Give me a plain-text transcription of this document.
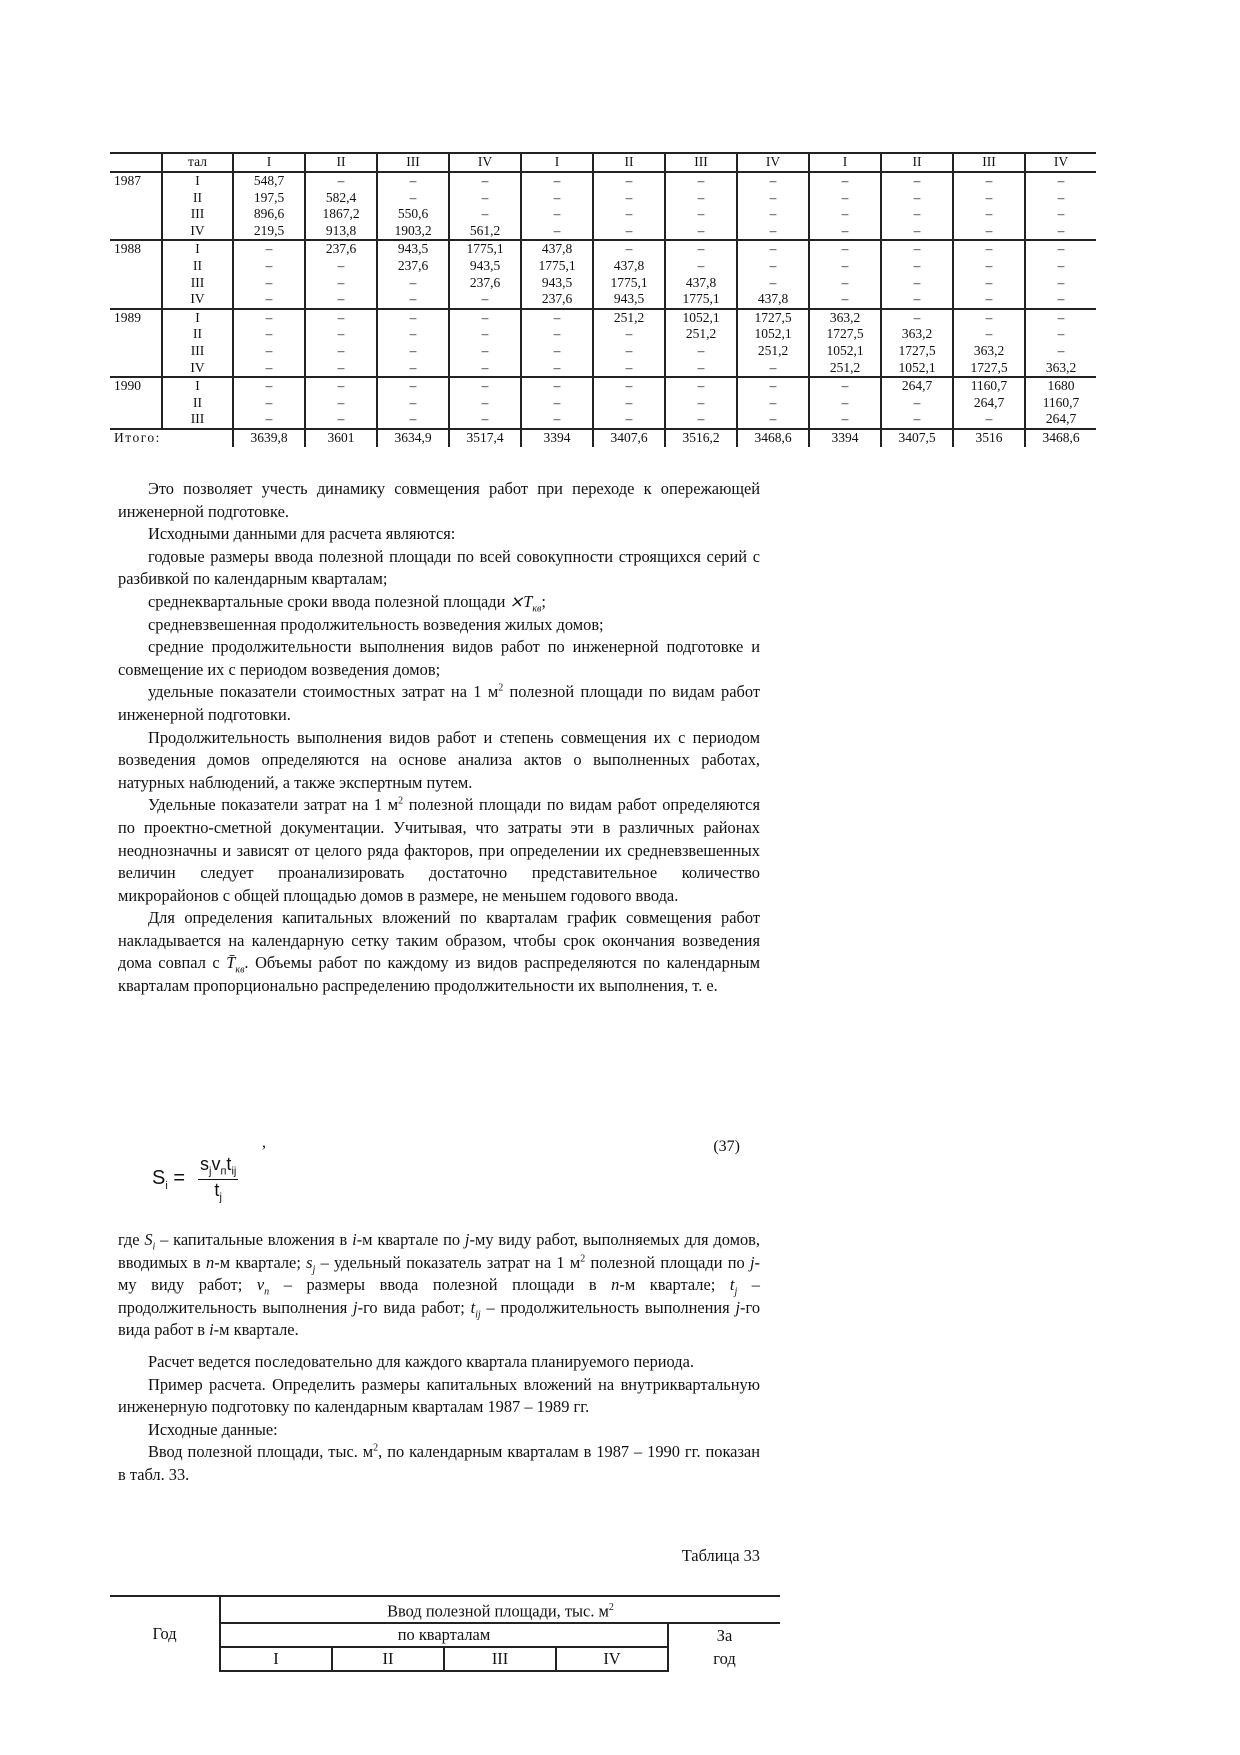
	тал	I	II	III	IV	I	II	III	IV	I	II	III	IV
1987	I	548,7	–	–	–	–	–	–	–	–	–	–	–
	II	197,5	582,4	–	–	–	–	–	–	–	–	–	–
	III	896,6	1867,2	550,6	–	–	–	–	–	–	–	–	–
	IV	219,5	913,8	1903,2	561,2	–	–	–	–	–	–	–	–
1988	I	–	237,6	943,5	1775,1	437,8	–	–	–	–	–	–	–
	II	–	–	237,6	943,5	1775,1	437,8	–	–	–	–	–	–
	III	–	–	–	237,6	943,5	1775,1	437,8	–	–	–	–	–
	IV	–	–	–	–	237,6	943,5	1775,1	437,8	–	–	–	–
1989	I	–	–	–	–	–	251,2	1052,1	1727,5	363,2	–	–	–
	II	–	–	–	–	–	–	251,2	1052,1	1727,5	363,2	–	–
	III	–	–	–	–	–	–	–	251,2	1052,1	1727,5	363,2	–
	IV	–	–	–	–	–	–	–	–	251,2	1052,1	1727,5	363,2
1990	I	–	–	–	–	–	–	–	–	–	264,7	1160,7	1680
	II	–	–	–	–	–	–	–	–	–	–	264,7	1160,7
	III	–	–	–	–	–	–	–	–	–	–	–	264,7
Итого:		3639,8	3601	3634,9	3517,4	3394	3407,6	3516,2	3468,6	3394	3407,5	3516	3468,6

Это позволяет учесть динамику совмещения работ при переходе к опережающей инженерной подготовке.

Исходными данными для расчета являются:

годовые размеры ввода полезной площади по всей совокупности строящихся серий с разбивкой по календарным кварталам;

среднеквартальные сроки ввода полезной площади $⨯T_{кв}$;

средневзвешенная продолжительность возведения жилых домов;

средние продолжительности выполнения видов работ по инженерной подготовке и совмещение их с периодом возведения домов;

удельные показатели стоимостных затрат на 1 $м^2$ полезной площади по видам работ инженерной подготовки.

Продолжительность выполнения видов работ и степень совмещения их с периодом возведения домов определяются на основе анализа актов о выполненных работах, натурных наблюдений, а также экспертным путем.

Удельные показатели затрат на 1 $м^2$ полезной площади по видам работ определяются по проектно-сметной документации. Учитывая, что затраты эти в различных районах неоднозначны и зависят от целого ряда факторов, при определении их средневзвешенных величин следует проанализировать достаточно представительное количество микрорайонов с общей площадью домов в размере, не меньшем годового ввода.

Для определения капитальных вложений по кварталам график совмещения работ накладывается на календарную сетку таким образом, чтобы срок окончания возведения дома совпал с $T̄_{кв}$. Объемы работ по каждому из видов распределяются по календарным кварталам пропорционально распределению продолжительности их выполнения, т. е.

$S_i$ =
$s_jv_пt_{ij}$
$t_j$
,	(37)

где $S_i$ – капитальные вложения в i-м квартале по j-му виду работ, выполняемых для домов, вводимых в n-м квартале; $s_j$ – удельный показатель затрат на 1 $м^2$ полезной площади по j-му виду работ; $v_n$ – размеры ввода полезной площади в n-м квартале; $t_j$ – продолжительность выполнения j-го вида работ; $t_{ij}$ – продолжительность выполнения j-го вида работ в i-м квартале.

Расчет ведется последовательно для каждого квартала планируемого периода.

Пример расчета. Определить размеры капитальных вложений на внутриквартальную инженерную подготовку по календарным кварталам 1987 – 1989 гг.

Исходные данные:

Ввод полезной площади, тыс. $м^2$, по календарным кварталам в 1987 – 1990 гг. показан в табл. 33.

Таблица 33
Год	Ввод полезной площади, тыс. $м^2$
	по кварталам				За
	I	II	III	IV	год
